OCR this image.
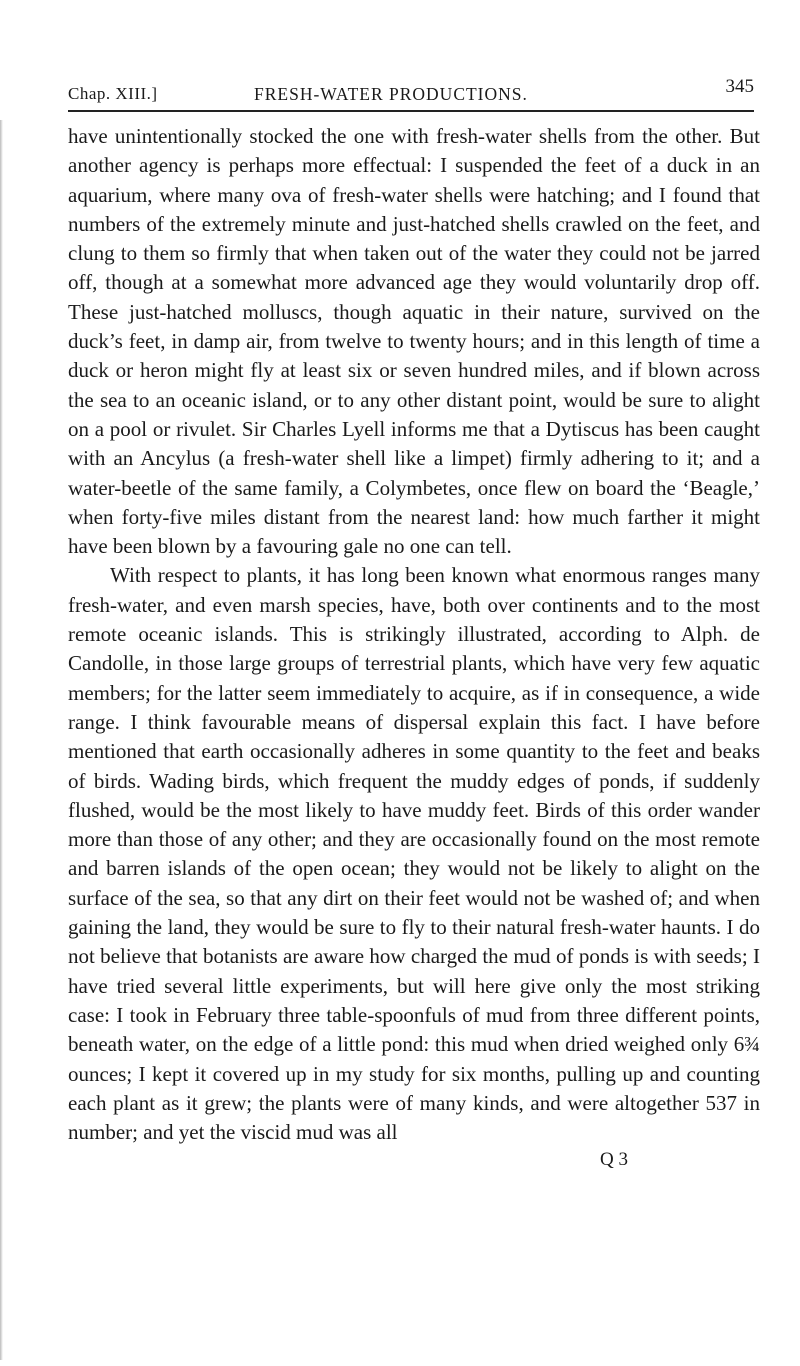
Chap. XIII.]	FRESH-WATER PRODUCTIONS.	345

have unintentionally stocked the one with fresh-water shells from the other. But another agency is perhaps more effectual: I suspended the feet of a duck in an aquarium, where many ova of fresh-water shells were hatching; and I found that numbers of the extremely minute and just-hatched shells crawled on the feet, and clung to them so firmly that when taken out of the water they could not be jarred off, though at a somewhat more advanced age they would voluntarily drop off. These just-hatched molluscs, though aquatic in their nature, survived on the duck’s feet, in damp air, from twelve to twenty hours; and in this length of time a duck or heron might fly at least six or seven hundred miles, and if blown across the sea to an oceanic island, or to any other distant point, would be sure to alight on a pool or rivulet. Sir Charles Lyell informs me that a Dytiscus has been caught with an Ancylus (a fresh-water shell like a limpet) firmly adhering to it; and a water-beetle of the same family, a Colymbetes, once flew on board the ‘Beagle,’ when forty-five miles distant from the nearest land: how much farther it might have been blown by a favouring gale no one can tell.

With respect to plants, it has long been known what enormous ranges many fresh-water, and even marsh species, have, both over continents and to the most remote oceanic islands. This is strikingly illustrated, according to Alph. de Candolle, in those large groups of terrestrial plants, which have very few aquatic members; for the latter seem immediately to acquire, as if in consequence, a wide range. I think favourable means of dispersal explain this fact. I have before mentioned that earth occasionally adheres in some quantity to the feet and beaks of birds. Wading birds, which frequent the muddy edges of ponds, if suddenly flushed, would be the most likely to have muddy feet. Birds of this order wander more than those of any other; and they are occasionally found on the most remote and barren islands of the open ocean; they would not be likely to alight on the surface of the sea, so that any dirt on their feet would not be washed of; and when gaining the land, they would be sure to fly to their natural fresh-water haunts. I do not believe that botanists are aware how charged the mud of ponds is with seeds; I have tried several little experiments, but will here give only the most striking case: I took in February three table-spoonfuls of mud from three different points, beneath water, on the edge of a little pond: this mud when dried weighed only 6¾ ounces; I kept it covered up in my study for six months, pulling up and counting each plant as it grew; the plants were of many kinds, and were altogether 537 in number; and yet the viscid mud was all

Q 3
